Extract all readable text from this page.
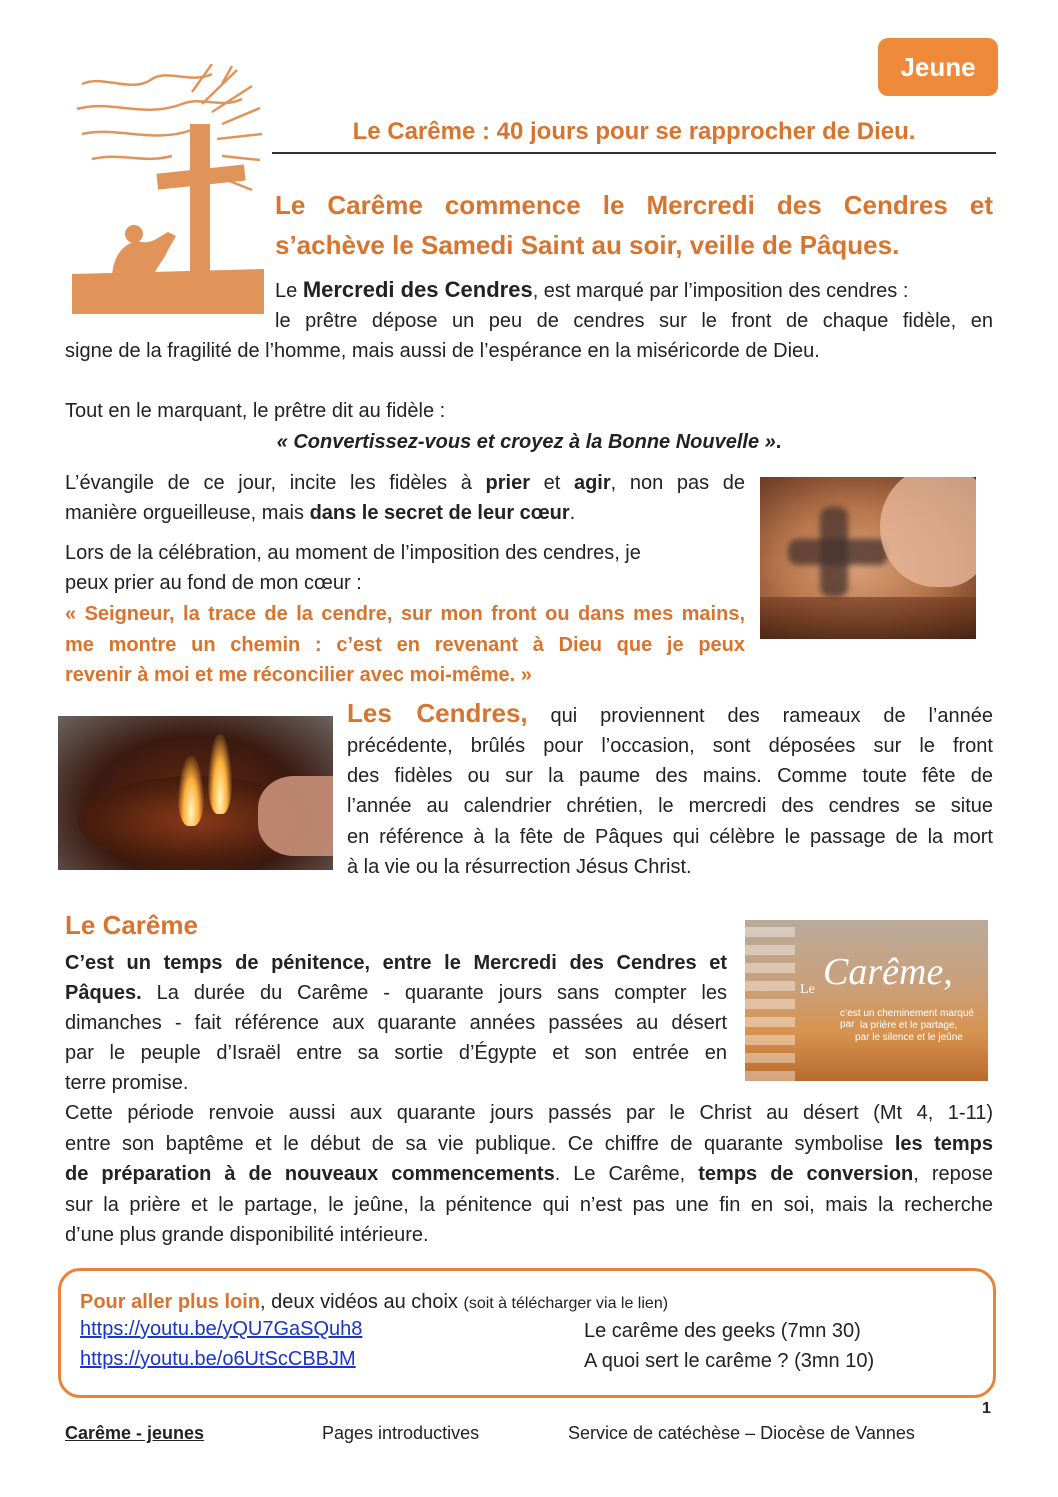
Jeune
Le Carême : 40 jours pour se rapprocher de Dieu.
Le Carême commence le Mercredi des Cendres et
s’achève le Samedi Saint au soir, veille de Pâques.
Le Mercredi des Cendres, est marqué par l’imposition des cendres :
le prêtre dépose un peu de cendres sur le front de chaque fidèle, en
signe de la fragilité de l’homme, mais aussi de l’espérance en la miséricorde de Dieu.
Tout en le marquant, le prêtre dit au fidèle :
« Convertissez-vous et croyez à la Bonne Nouvelle ».
L’évangile de ce jour, incite les fidèles à prier et agir, non pas de
manière orgueilleuse, mais dans le secret de leur cœur.
Lors de la célébration, au moment de l’imposition des cendres, je
peux prier au fond de mon cœur :
« Seigneur, la trace de la cendre, sur mon front ou dans mes mains,
me montre un chemin : c’est en revenant à Dieu que je peux
revenir à moi et me réconcilier avec moi-même. »
Les Cendres, qui proviennent des rameaux de l’année
précédente, brûlés pour l’occasion, sont déposées sur le front
des fidèles ou sur la paume des mains. Comme toute fête de
l’année au calendrier chrétien, le mercredi des cendres se situe
en référence à la fête de Pâques qui célèbre le passage de la mort
à la vie ou la résurrection Jésus Christ.
Le Carême
Le Carême,
c’est un cheminement marqué par la prière et le partage,
par le silence et le jeûne
C’est un temps de pénitence, entre le Mercredi des Cendres et
Pâques. La durée du Carême - quarante jours sans compter les
dimanches - fait référence aux quarante années passées au désert
par le peuple d’Israël entre sa sortie d’Égypte et son entrée en
terre promise.
Cette période renvoie aussi aux quarante jours passés par le Christ au désert (Mt 4, 1-11)
entre son baptême et le début de sa vie publique. Ce chiffre de quarante symbolise les temps
de préparation à de nouveaux commencements. Le Carême, temps de conversion, repose
sur la prière et le partage, le jeûne, la pénitence qui n’est pas une fin en soi, mais la recherche
d’une plus grande disponibilité intérieure.
Pour aller plus loin, deux vidéos au choix (soit à télécharger via le lien)
https://youtu.be/yQU7GaSQuh8	Le carême des geeks (7mn 30)
https://youtu.be/o6UtScCBBJM	A quoi sert le carême ? (3mn 10)
1
Carême - jeunes	Pages introductives	Service de catéchèse – Diocèse de Vannes
